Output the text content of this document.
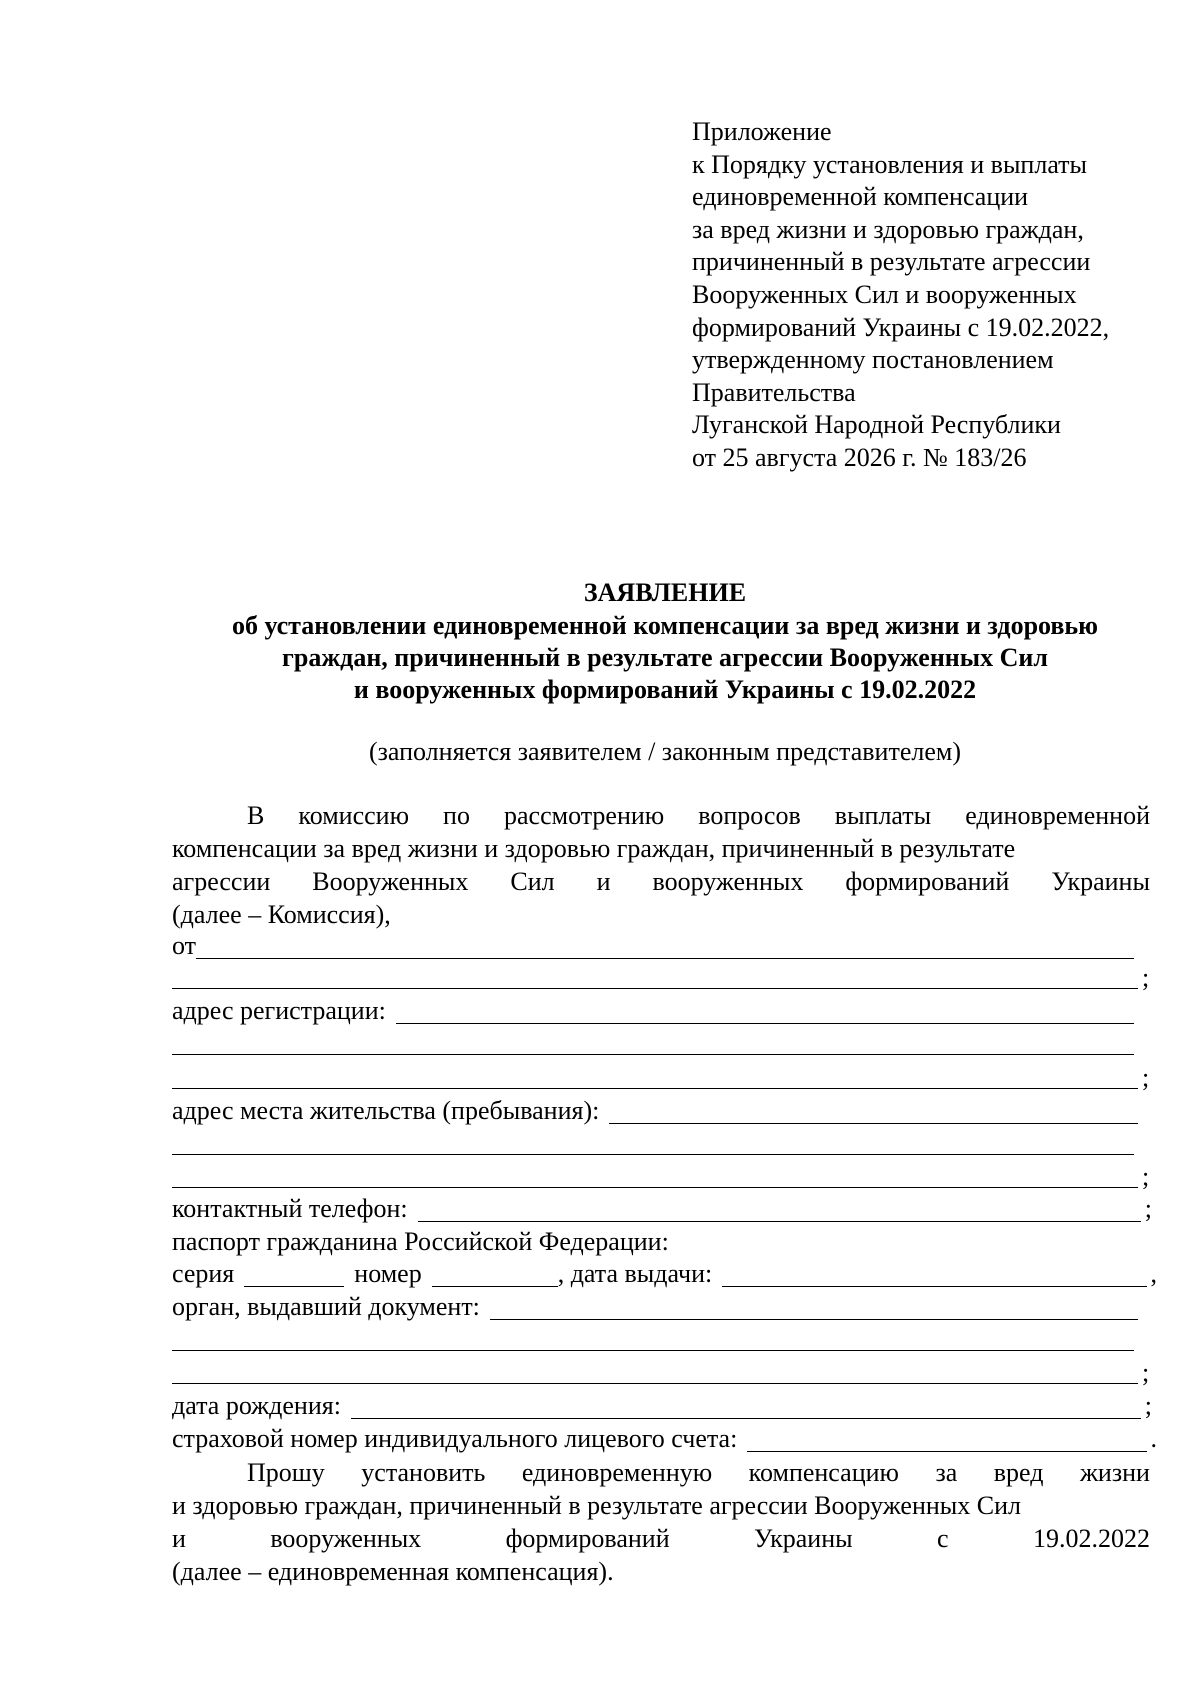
Приложение
к Порядку установления и выплаты
единовременной компенсации
за вред жизни и здоровью граждан,
причиненный в результате агрессии
Вооруженных Сил и вооруженных
формирований Украины с 19.02.2022,
утвержденному постановлением
Правительства
Луганской Народной Республики
от 25 августа 2026 г. № 183/26
ЗАЯВЛЕНИЕ
об установлении единовременной компенсации за вред жизни и здоровью
граждан, причиненный в результате агрессии Вооруженных Сил
и вооруженных формирований Украины с 19.02.2022
(заполняется заявителем / законным представителем)
В комиссию по рассмотрению вопросов выплаты единовременной
компенсации за вред жизни и здоровью граждан, причиненный в результате
агрессии Вооруженных Сил и вооруженных формирований Украины
(далее – Комиссия),
от
;
адрес регистрации:
;
адрес места жительства (пребывания):
;
контактный телефон:	;
паспорт гражданина Российской Федерации:
серия	номер	, дата выдачи:	,
орган, выдавший документ:
;
дата рождения:	;
страховой номер индивидуального лицевого счета:	.
Прошу установить единовременную компенсацию за вред жизни
и здоровью граждан, причиненный в результате агрессии Вооруженных Сил
и	вооруженных	формирований	Украины	с	19.02.2022
(далее – единовременная компенсация).
